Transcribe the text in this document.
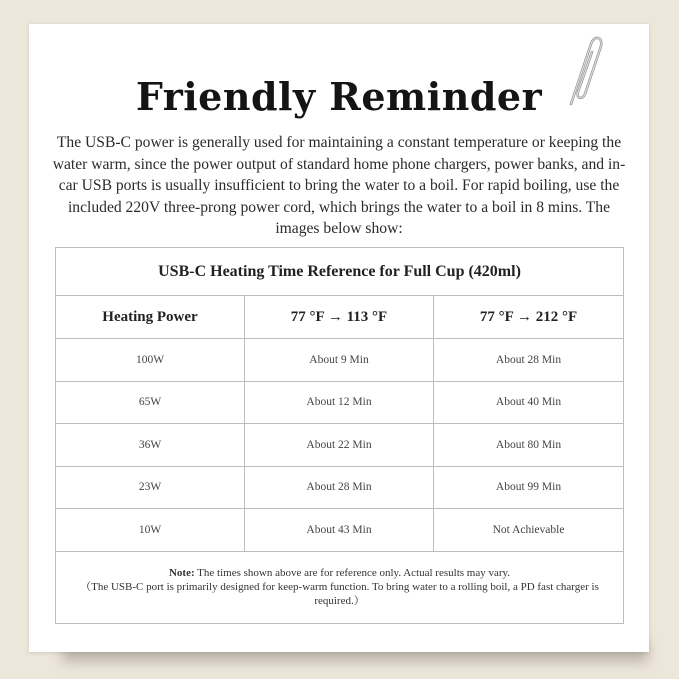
Friendly Reminder
The USB-C power is generally used for maintaining a constant temperature or keeping the water warm, since the power output of standard home phone chargers, power banks, and in-car USB ports is usually insufficient to bring the water to a boil. For rapid boiling, use the included 220V three-prong power cord, which brings the water to a boil in 8 mins. The images below show:
USB-C Heating Time Reference for Full Cup (420ml)		
Heating Power	77 °F → 113 °F	77 °F → 212 °F
100W	About 9 Min	About 28 Min
65W	About 12 Min	About 40 Min
36W	About 22 Min	About 80 Min
23W	About 28 Min	About 99 Min
10W	About 43 Min	Not Achievable

Note: The times shown above are for reference only. Actual results may vary.
（The USB-C port is primarily designed for keep-warm function. To bring water to a rolling boil, a PD fast charger is required.）		
